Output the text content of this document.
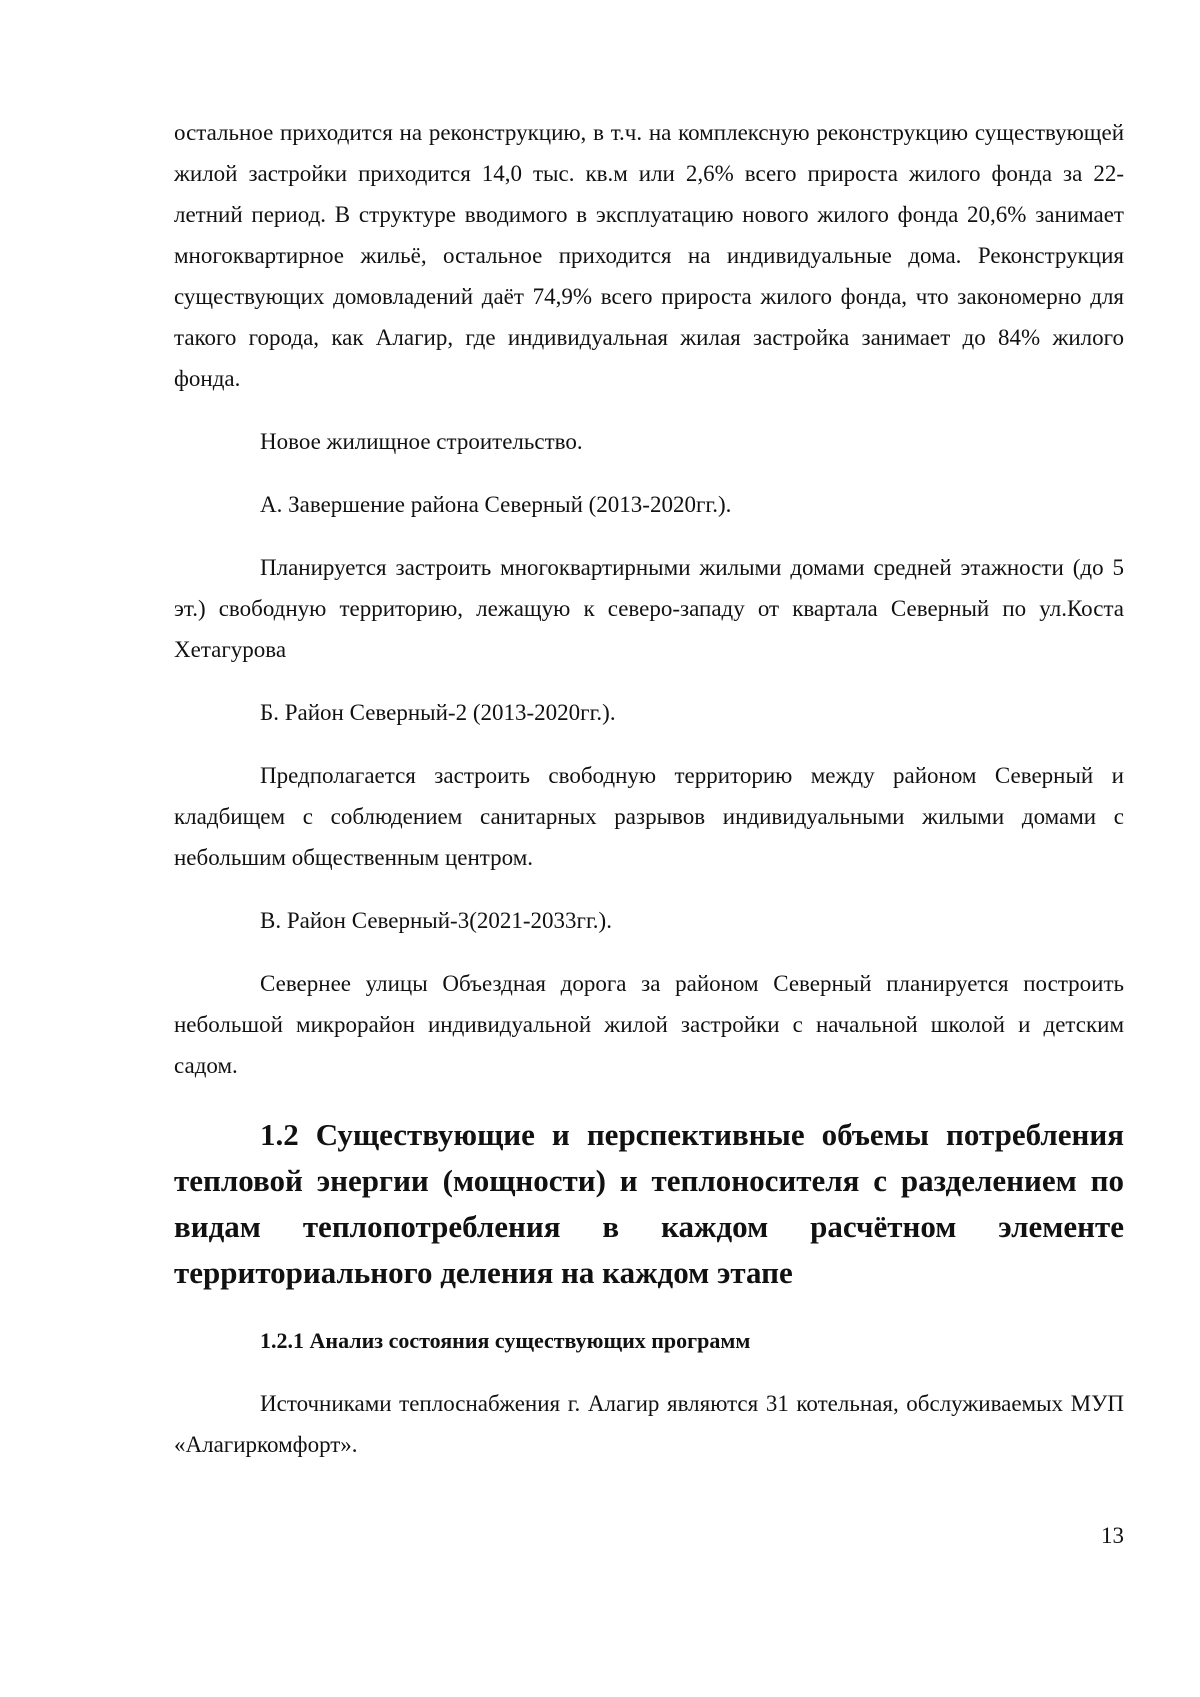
остальное приходится на реконструкцию, в т.ч. на комплексную реконструкцию существующей жилой застройки приходится 14,0 тыс. кв.м или 2,6% всего прироста жилого фонда за 22-летний период. В структуре вводимого в эксплуатацию нового жилого фонда 20,6% занимает многоквартирное жильё, остальное приходится на индивидуальные дома. Реконструкция существующих домовладений даёт 74,9% всего прироста жилого фонда, что закономерно для такого города, как Алагир, где индивидуальная жилая застройка занимает до 84% жилого фонда.

Новое жилищное строительство.

А. Завершение района Северный (2013-2020гг.).

Планируется застроить многоквартирными жилыми домами средней этажности (до 5 эт.) свободную территорию, лежащую к северо-западу от квартала Северный по ул.Коста Хетагурова

Б. Район Северный-2 (2013-2020гг.).

Предполагается застроить свободную территорию между районом Северный и кладбищем с соблюдением санитарных разрывов индивидуальными жилыми домами с небольшим общественным центром.

В. Район Северный-3(2021-2033гг.).

Севернее улицы Объездная дорога за районом Северный планируется построить небольшой микрорайон индивидуальной жилой застройки с начальной школой и детским садом.

1.2 Существующие и перспективные объемы потребления тепловой энергии (мощности) и теплоносителя с разделением по видам теплопотребления в каждом расчётном элементе территориального деления на каждом этапе

1.2.1 Анализ состояния существующих программ

Источниками теплоснабжения г. Алагир являются 31 котельная, обслуживаемых МУП «Алагиркомфорт».

13
